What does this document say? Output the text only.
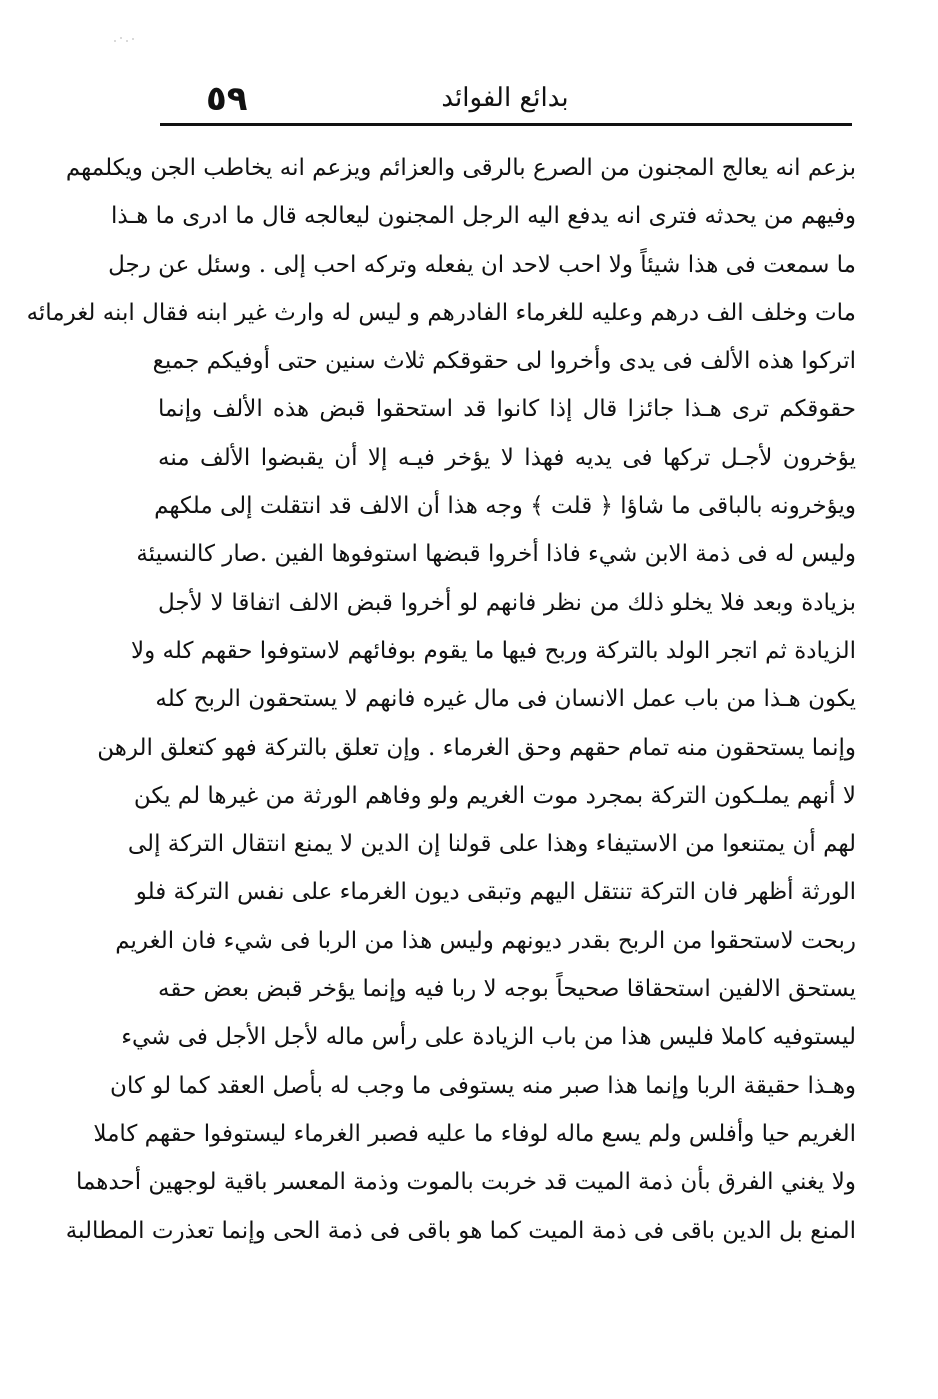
٥٩	بدائع الفوائد
بزعم انه يعالج المجنون من الصرع بالرقى والعزائم ويزعم انه يخاطب الجن ويكلمهم
وفيهم من يحدثه فترى انه يدفع اليه الرجل المجنون ليعالجه قال ما ادرى ما هـذا
ما سمعت فى هذا شيئاً ولا احب لاحد ان يفعله وتركه احب إلى . وسئل عن رجل
مات وخلف الف درهم وعليه للغرماء الفادرهم و ليس له وارث غير ابنه فقال ابنه لغرمائه
اتركوا هذه الألف فى يدى وأخروا لى حقوقكم ثلاث سنين حتى أوفيكم جميع
حقوقكم ترى هـذا جائزا قال إذا كانوا قد استحقوا قبض هذه الألف وإنما
يؤخرون لأجـل تركها فى يديه فهذا لا يؤخر فيـه إلا أن يقبضوا الألف منه
ويؤخرونه بالباقى ما شاؤا ﴿ قلت ﴾ وجه هذا أن الالف قد انتقلت إلى ملكهم
وليس له فى ذمة الابن شيء فاذا أخروا قبضها استوفوها الفين .صار كالنسيئة
بزيادة وبعد فلا يخلو ذلك من نظر فانهم لو أخروا قبض الالف اتفاقا لا لأجل
الزيادة ثم اتجر الولد بالتركة وربح فيها ما يقوم بوفائهم لاستوفوا حقهم كله ولا
يكون هـذا من باب عمل الانسان فى مال غيره فانهم لا يستحقون الربح كله
وإنما يستحقون منه تمام حقهم وحق الغرماء . وإن تعلق بالتركة فهو كتعلق الرهن
لا أنهم يملـكون التركة بمجرد موت الغريم ولو وفاهم الورثة من غيرها لم يكن
لهم أن يمتنعوا من الاستيفاء وهذا على قولنا إن الدين لا يمنع انتقال التركة إلى
الورثة أظهر فان التركة تنتقل اليهم وتبقى ديون الغرماء على نفس التركة فلو
ربحت لاستحقوا من الربح بقدر ديونهم وليس هذا من الربا فى شيء فان الغريم
يستحق الالفين استحقاقا صحيحاً بوجه لا ربا فيه وإنما يؤخر قبض بعض حقه
ليستوفيه كاملا فليس هذا من باب الزيادة على رأس ماله لأجل الأجل فى شيء
وهـذا حقيقة الربا وإنما هذا صبر منه يستوفى ما وجب له بأصل العقد كما لو كان
الغريم حيا وأفلس ولم يسع ماله لوفاء ما عليه فصبر الغرماء ليستوفوا حقهم كاملا
ولا يغني الفرق بأن ذمة الميت قد خربت بالموت وذمة المعسر باقية لوجهين أحدهما
المنع بل الدين باقى فى ذمة الميت كما هو باقى فى ذمة الحى وإنما تعذرت المطالبة
